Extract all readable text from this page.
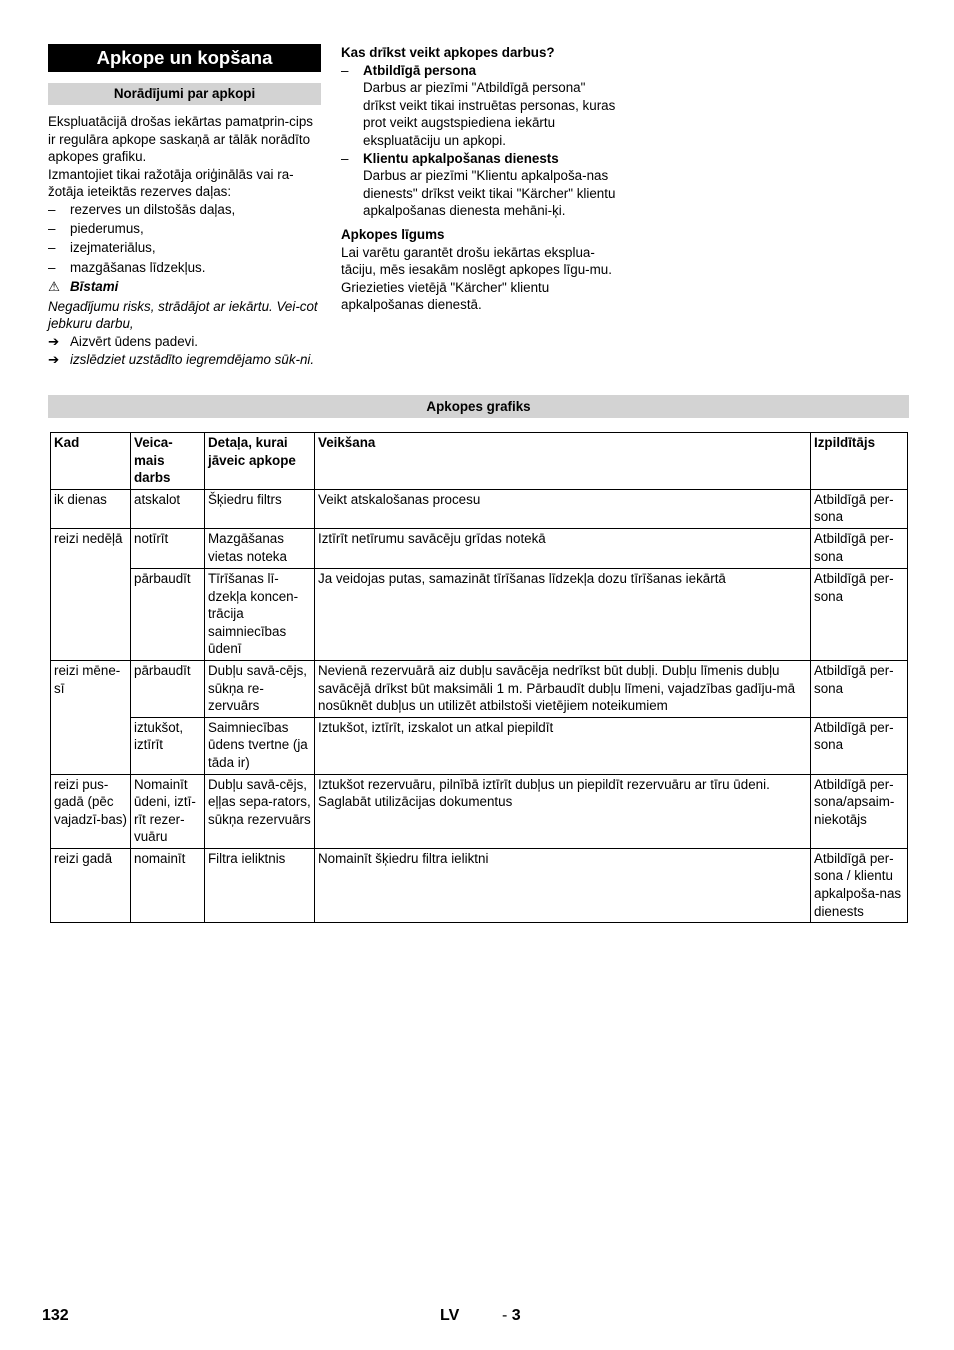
Apkope un kopšana
Norādījumi par apkopi

Ekspluatācijā drošas iekārtas pamatprin-cips ir regulāra apkope saskaņā ar tālāk norādīto apkopes grafiku.

Izmantojiet tikai ražotāja oriģinālās vai ra-žotāja ieteiktās rezerves daļas:

– rezerves un dilstošās daļas,
– piederumus,
– izejmateriālus,
– mazgāšanas līdzekļus.
⚠ Bīstami

Negadījumu risks, strādājot ar iekārtu. Vei-cot jebkuru darbu,

➔ Aizvērt ūdens padevi.
➔ izslēdziet uzstādīto iegremdējamo sūk-ni.

Kas drīkst veikt apkopes darbus?

– Atbildīgā persona
Darbus ar piezīmi "Atbildīgā persona" drīkst veikt tikai instruētas personas, kuras prot veikt augstspiediena iekārtu ekspluatāciju un apkopi.
– Klientu apkalpošanas dienests
Darbus ar piezīmi "Klientu apkalpoša-nas dienests" drīkst veikt tikai "Kärcher" klientu apkalpošanas dienesta mehāni-ķi.

Apkopes līgums

Lai varētu garantēt drošu iekārtas eksplua-tāciju, mēs iesakām noslēgt apkopes līgu-mu. Griezieties vietējā "Kärcher" klientu apkalpošanas dienestā.

Apkopes grafiks
Kad	Veica-mais darbs	Detaļa, kurai jāveic apkope	Veikšana	Izpildītājs
ik dienas	atskalot	Šķiedru filtrs	Veikt atskalošanas procesu	Atbildīgā per-sona
reizi nedēļā	notīrīt	Mazgāšanas vietas noteka	Iztīrīt netīrumu savācēju grīdas notekā	Atbildīgā per-sona
	pārbaudīt	Tīrīšanas lī-dzekļa koncen-trācija saimniecības ūdenī	Ja veidojas putas, samazināt tīrīšanas līdzekļa dozu tīrīšanas iekārtā	Atbildīgā per-sona
reizi mēne-sī	pārbaudīt	Dubļu savā-cējs, sūkņa re-zervuārs	Nevienā rezervuārā aiz dubļu savācēja nedrīkst būt dubļi. Dubļu līmenis dubļu savācējā drīkst būt maksimāli 1 m. Pārbaudīt dubļu līmeni, vajadzības gadīju-mā nosūknēt dubļus un utilizēt atbilstoši vietējiem noteikumiem	Atbildīgā per-sona
	iztukšot, iztīrīt	Saimniecības ūdens tvertne (ja tāda ir)	Iztukšot, iztīrīt, izskalot un atkal piepildīt	Atbildīgā per-sona
reizi pus-gadā (pēc vajadzī-bas)	Nomainīt ūdeni, iztī-rīt rezer-vuāru	Dubļu savā-cējs, eļļas sepa-rators, sūkņa rezervuārs	Iztukšot rezervuāru, pilnībā iztīrīt dubļus un piepildīt rezervuāru ar tīru ūdeni. Saglabāt utilizācijas dokumentus	Atbildīgā per-sona/apsaim-niekotājs
reizi gadā	nomainīt	Filtra ieliktnis	Nomainīt šķiedru filtra ieliktni	Atbildīgā per-sona / klientu apkalpoša-nas dienests
132	LV	- 3
